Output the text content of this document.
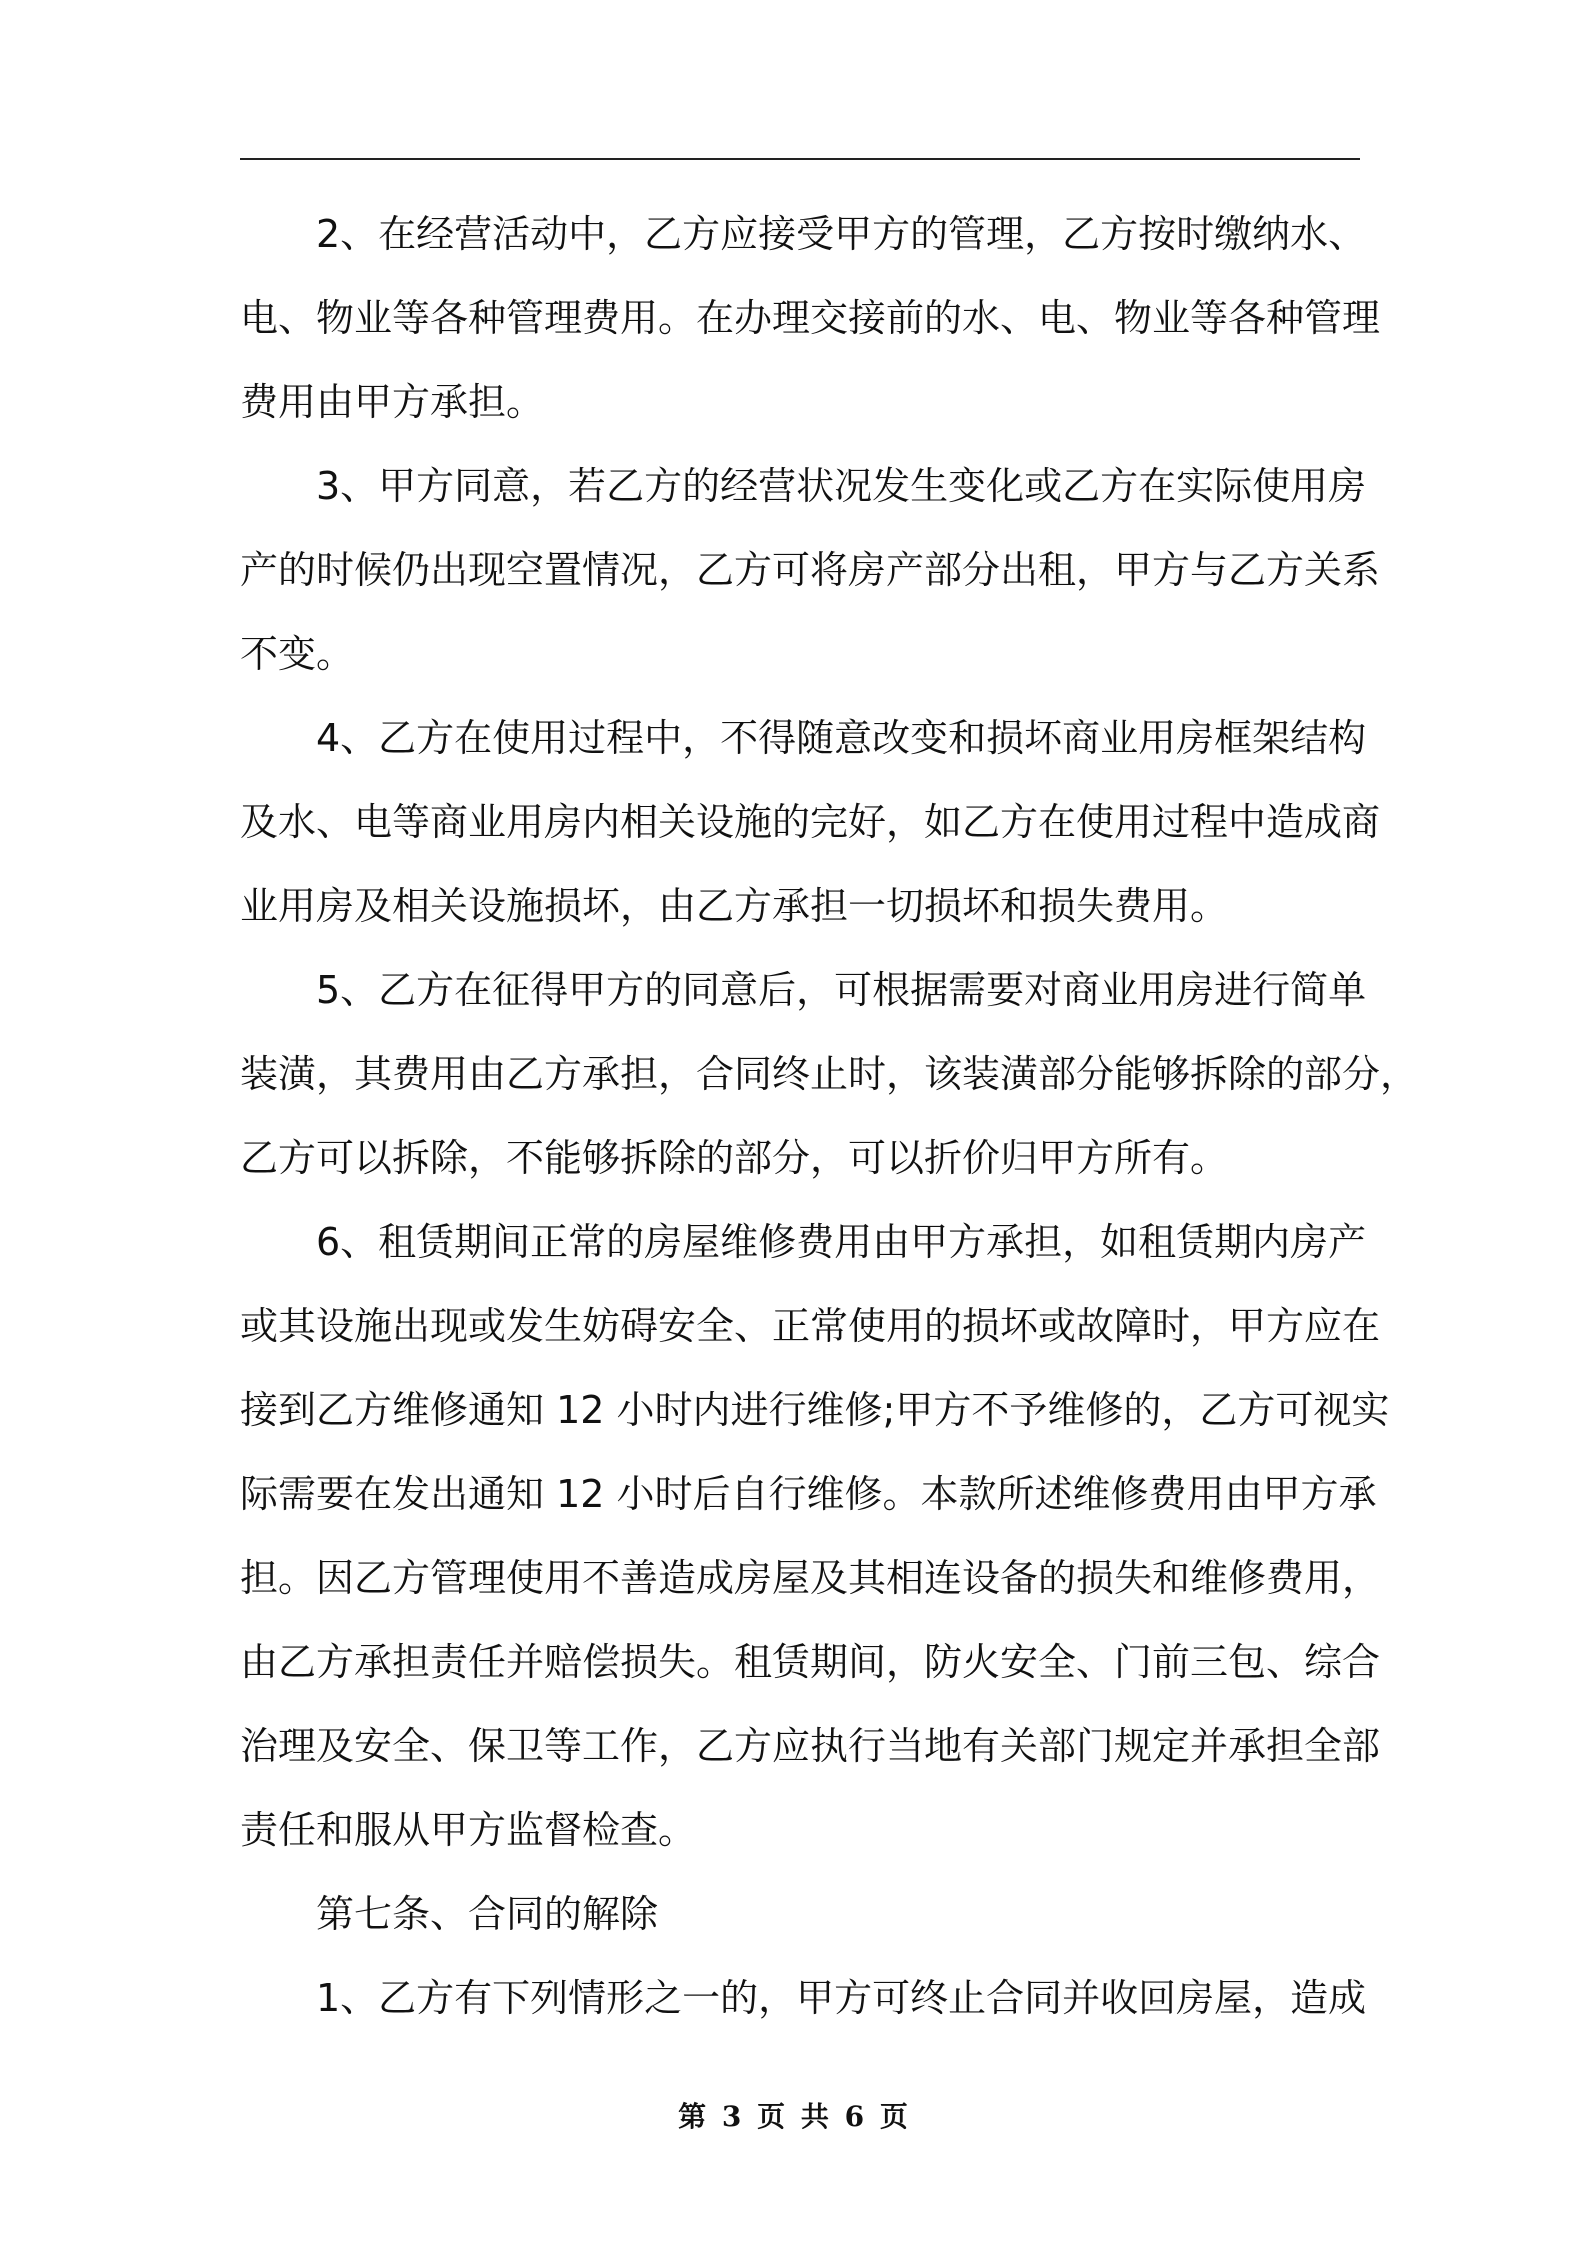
2、在经营活动中，乙方应接受甲方的管理，乙方按时缴纳水、
电、物业等各种管理费用。在办理交接前的水、电、物业等各种管理
费用由甲方承担。
3、甲方同意，若乙方的经营状况发生变化或乙方在实际使用房
产的时候仍出现空置情况，乙方可将房产部分出租，甲方与乙方关系
不变。
4、乙方在使用过程中，不得随意改变和损坏商业用房框架结构
及水、电等商业用房内相关设施的完好，如乙方在使用过程中造成商
业用房及相关设施损坏，由乙方承担一切损坏和损失费用。
5、乙方在征得甲方的同意后，可根据需要对商业用房进行简单
装潢，其费用由乙方承担，合同终止时，该装潢部分能够拆除的部分，
乙方可以拆除，不能够拆除的部分，可以折价归甲方所有。
6、租赁期间正常的房屋维修费用由甲方承担，如租赁期内房产
或其设施出现或发生妨碍安全、正常使用的损坏或故障时，甲方应在
接到乙方维修通知 12 小时内进行维修;甲方不予维修的，乙方可视实
际需要在发出通知 12 小时后自行维修。本款所述维修费用由甲方承
担。因乙方管理使用不善造成房屋及其相连设备的损失和维修费用，
由乙方承担责任并赔偿损失。租赁期间，防火安全、门前三包、综合
治理及安全、保卫等工作，乙方应执行当地有关部门规定并承担全部
责任和服从甲方监督检查。
第七条、合同的解除
1、乙方有下列情形之一的，甲方可终止合同并收回房屋，造成
第 3 页 共 6 页
